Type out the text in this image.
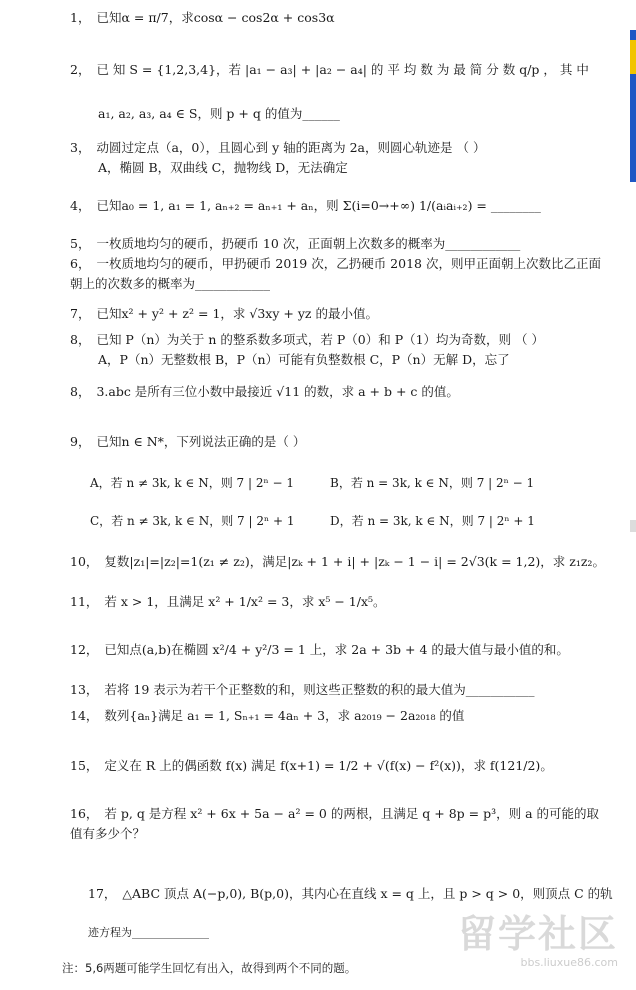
1， 已知α = π/7，求cosα − cos2α + cos3α
2， 已 知 S = {1,2,3,4}，若 |a₁ − a₃| + |a₂ − a₄| 的 平 均 数 为 最 简 分 数 q/p ， 其 中
a₁, a₂, a₃, a₄ ∈ S，则 p + q 的值为______
3， 动圆过定点（a，0），且圆心到 y 轴的距离为 2a，则圆心轨迹是 （ ）
A，椭圆 B，双曲线 C，抛物线 D，无法确定
4， 已知a₀ = 1, a₁ = 1, aₙ₊₂ = aₙ₊₁ + aₙ，则 Σ(i=0→+∞) 1/(aᵢaᵢ₊₂) = ________
5， 一枚质地均匀的硬币，扔硬币 10 次，正面朝上次数多的概率为____________
6， 一枚质地均匀的硬币，甲扔硬币 2019 次，乙扔硬币 2018 次，则甲正面朝上次数比乙正面朝上的次数多的概率为____________
7， 已知x² + y² + z² = 1，求 √3xy + yz 的最小值。
8， 已知 P（n）为关于 n 的整系数多项式，若 P（0）和 P（1）均为奇数，则 （ ）
A，P（n）无整数根 B，P（n）可能有负整数根 C，P（n）无解 D，忘了
8， 3.abc 是所有三位小数中最接近 √11 的数，求 a + b + c 的值。
9， 已知n ∈ N*，下列说法正确的是（ ）
A，若 n ≠ 3k, k ∈ N，则 7 | 2ⁿ − 1	B，若 n = 3k, k ∈ N，则 7 | 2ⁿ − 1
C，若 n ≠ 3k, k ∈ N，则 7 | 2ⁿ + 1	D，若 n = 3k, k ∈ N，则 7 | 2ⁿ + 1
10， 复数|z₁|=|z₂|=1(z₁ ≠ z₂)，满足|zₖ + 1 + i| + |zₖ − 1 − i| = 2√3(k = 1,2)，求 z₁z₂。
11， 若 x > 1，且满足 x² + 1/x² = 3，求 x⁵ − 1/x⁵。
12， 已知点(a,b)在椭圆 x²/4 + y²/3 = 1 上，求 2a + 3b + 4 的最大值与最小值的和。
13， 若将 19 表示为若干个正整数的和，则这些正整数的积的最大值为___________
14， 数列{aₙ}满足 a₁ = 1, Sₙ₊₁ = 4aₙ + 3，求 a₂₀₁₉ − 2a₂₀₁₈ 的值
15， 定义在 R 上的偶函数 f(x) 满足 f(x+1) = 1/2 + √(f(x) − f²(x))，求 f(121/2)。
16， 若 p, q 是方程 x² + 6x + 5a − a² = 0 的两根，且满足 q + 8p = p³，则 a 的可能的取值有多少个？
17， △ABC 顶点 A(−p,0), B(p,0)，其内心在直线 x = q 上，且 p > q > 0，则顶点 C 的轨
迹方程为______________	留学社区
bbs.liuxue86.com
注：5,6两题可能学生回忆有出入，故得到两个不同的题。
